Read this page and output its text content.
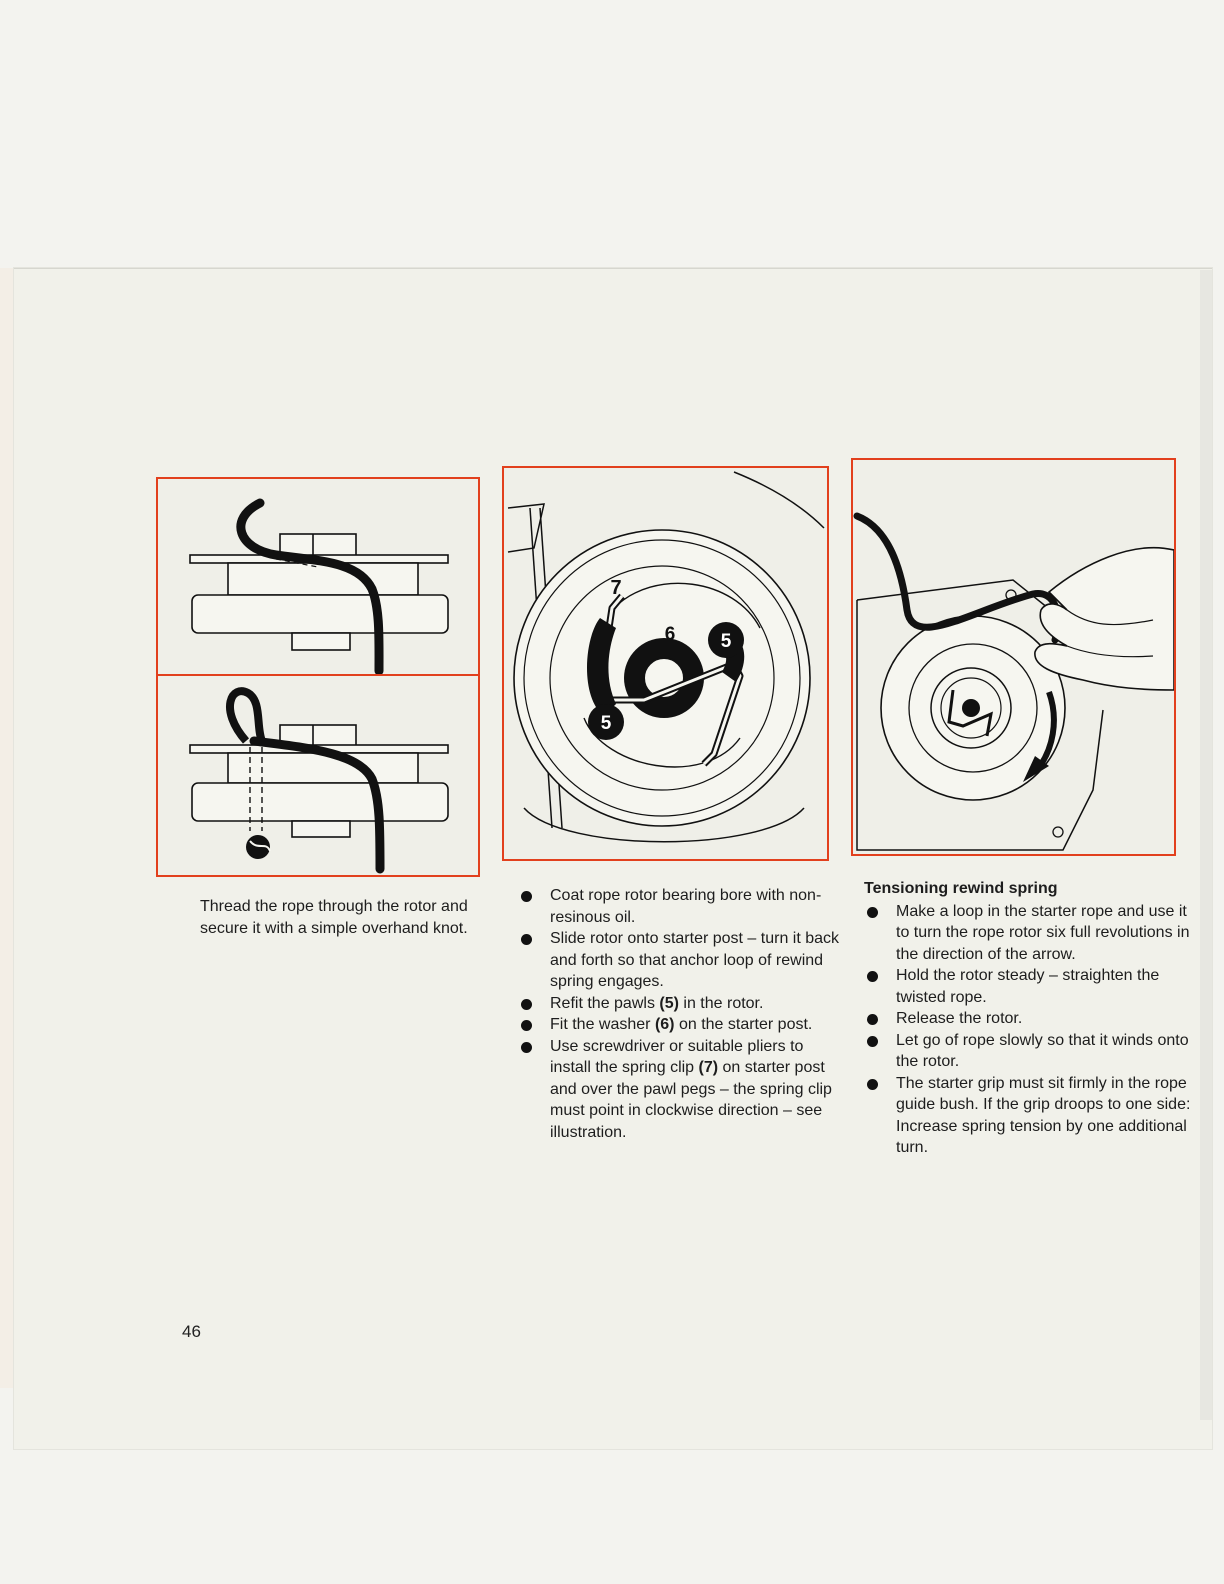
5
5
7
6
Thread the rope through the rotor and secure it with a simple overhand knot.
Coat rope rotor bearing bore with non-resinous oil.
Slide rotor onto starter post – turn it back and forth so that anchor loop of rewind spring engages.
Refit the pawls (5) in the rotor.
Fit the washer (6) on the starter post.
Use screwdriver or suitable pliers to install the spring clip (7) on starter post and over the pawl pegs – the spring clip must point in clockwise direction – see illustration.
Tensioning rewind spring
Make a loop in the starter rope and use it to turn the rope rotor six full revolutions in the direction of the arrow.
Hold the rotor steady – straighten the twisted rope.
Release the rotor.
Let go of rope slowly so that it winds onto the rotor.
The starter grip must sit firmly in the rope guide bush. If the grip droops to one side: Increase spring tension by one additional turn.
46
